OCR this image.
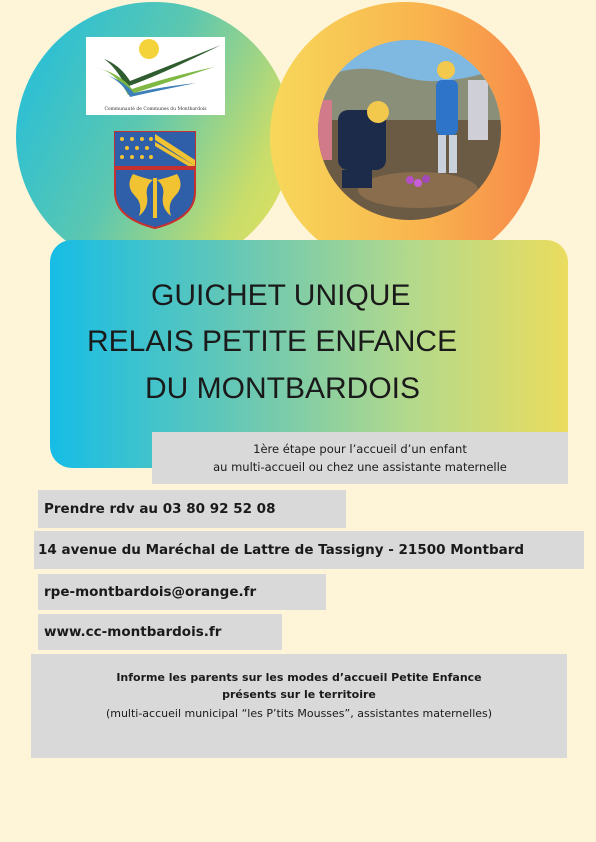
Communauté de Communes du Montbardois
GUICHET UNIQUE
RELAIS PETITE ENFANCE
DU MONTBARDOIS
1ère étape pour l’accueil d’un enfant
au multi-accueil ou chez une assistante maternelle
Prendre rdv au 03 80 92 52 08
14 avenue du Maréchal de Lattre de Tassigny - 21500 Montbard
rpe-montbardois@orange.fr
www.cc-montbardois.fr
Informe les parents sur les modes d’accueil Petite Enfance
présents sur le territoire
(multi-accueil municipal “les P’tits Mousses”, assistantes maternelles)
